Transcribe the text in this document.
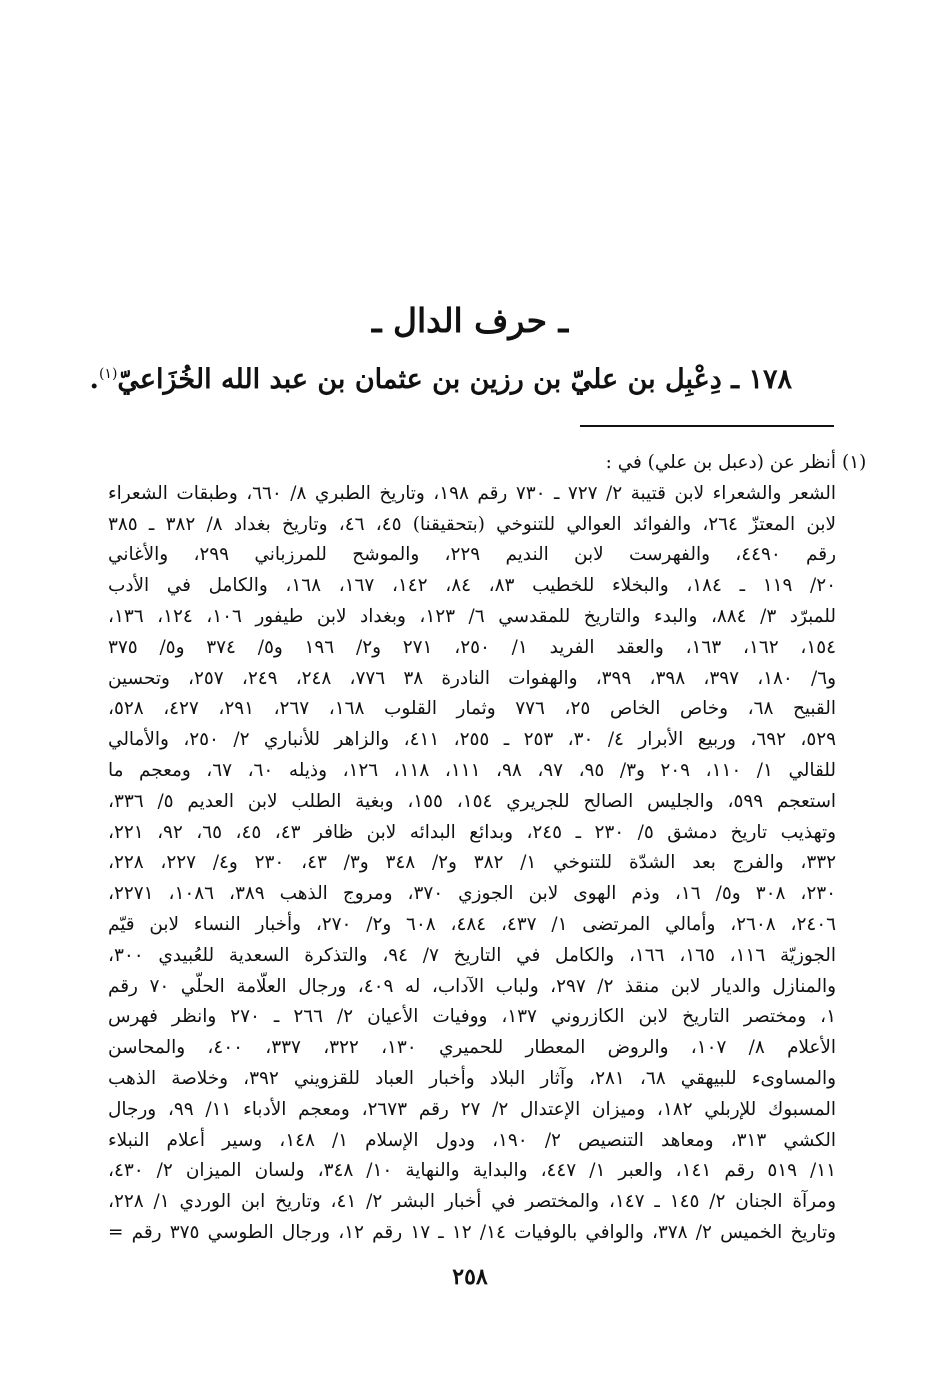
ـ حرف الدال ـ
١٧٨ ـ دِعْبِل بن عليّ بن رزين بن عثمان بن عبد الله الخُزَاعيّ$^{(١)}$.
(١)
أنظر عن (دعبل بن علي) في :
الشعر والشعراء لابن قتيبة ٢/ ٧٢٧ ـ ٧٣٠ رقم ١٩٨، وتاريخ الطبري ٨/ ٦٦٠، وطبقات الشعراء
لابن المعتزّ ٢٦٤، والفوائد العوالي للتنوخي (بتحقيقنا) ٤٥، ٤٦، وتاريخ بغداد ٨/ ٣٨٢ ـ ٣٨٥
رقم ٤٤٩٠، والفهرست لابن النديم ٢٢٩، والموشح للمرزباني ٢٩٩، والأغاني
٢٠/ ١١٩ ـ ١٨٤، والبخلاء للخطيب ٨٣، ٨٤، ١٤٢، ١٦٧، ١٦٨، والكامل في الأدب
للمبرّد ٣/ ٨٨٤، والبدء والتاريخ للمقدسي ٦/ ١٢٣، وبغداد لابن طيفور ١٠٦، ١٢٤، ١٣٦،
١٥٤، ١٦٢، ١٦٣، والعقد الفريد ١/ ٢٥٠، ٢٧١ و٢/ ١٩٦ و٥/ ٣٧٤ و٥/ ٣٧٥
و٦/ ١٨٠، ٣٩٧، ٣٩٨، ٣٩٩، والهفوات النادرة ٣٨ ٧٧٦، ٢٤٨، ٢٤٩، ٢٥٧، وتحسين
القبيح ٦٨، وخاص الخاص ٢٥، ٧٧٦ وثمار القلوب ١٦٨، ٢٦٧، ٢٩١، ٤٢٧، ٥٢٨،
٥٢٩، ٦٩٢، وربيع الأبرار ٤/ ٣٠، ٢٥٣ ـ ٢٥٥، ٤١١، والزاهر للأنباري ٢/ ٢٥٠، والأمالي
للقالي ١/ ١١٠، ٢٠٩ و٣/ ٩٥، ٩٧، ٩٨، ١١١، ١١٨، ١٢٦، وذيله ٦٠، ٦٧، ومعجم ما
استعجم ٥٩٩، والجليس الصالح للجريري ١٥٤، ١٥٥، وبغية الطلب لابن العديم ٥/ ٣٣٦،
وتهذيب تاريخ دمشق ٥/ ٢٣٠ ـ ٢٤٥، وبدائع البدائه لابن ظافر ٤٣، ٤٥، ٦٥، ٩٢، ٢٢١،
٣٣٢، والفرج بعد الشدّة للتنوخي ١/ ٣٨٢ و٢/ ٣٤٨ و٣/ ٤٣، ٢٣٠ و٤/ ٢٢٧، ٢٢٨،
٢٣٠، ٣٠٨ و٥/ ١٦، وذم الهوى لابن الجوزي ٣٧٠، ومروج الذهب ٣٨٩، ١٠٨٦، ٢٢٧١،
٢٤٠٦، ٢٦٠٨، وأمالي المرتضى ١/ ٤٣٧، ٤٨٤، ٦٠٨ و٢/ ٢٧٠، وأخبار النساء لابن قيّم
الجوزيّة ١١٦، ١٦٥، ١٦٦، والكامل في التاريخ ٧/ ٩٤، والتذكرة السعدية للعُبيدي ٣٠٠،
والمنازل والديار لابن منقذ ٢/ ٢٩٧، ولباب الآداب، له ٤٠٩، ورجال العلّامة الحلّي ٧٠ رقم
١، ومختصر التاريخ لابن الكازروني ١٣٧، ووفيات الأعيان ٢/ ٢٦٦ ـ ٢٧٠ وانظر فهرس
الأعلام ٨/ ١٠٧، والروض المعطار للحميري ١٣٠، ٣٢٢، ٣٣٧، ٤٠٠، والمحاسن
والمساوىء للبيهقي ٦٨، ٢٨١، وآثار البلاد وأخبار العباد للقزويني ٣٩٢، وخلاصة الذهب
المسبوك للإربلي ١٨٢، وميزان الإعتدال ٢/ ٢٧ رقم ٢٦٧٣، ومعجم الأدباء ١١/ ٩٩، ورجال
الكشي ٣١٣، ومعاهد التنصيص ٢/ ١٩٠، ودول الإسلام ١/ ١٤٨، وسير أعلام النبلاء
١١/ ٥١٩ رقم ١٤١، والعبر ١/ ٤٤٧، والبداية والنهاية ١٠/ ٣٤٨، ولسان الميزان ٢/ ٤٣٠،
ومرآة الجنان ٢/ ١٤٥ ـ ١٤٧، والمختصر في أخبار البشر ٢/ ٤١، وتاريخ ابن الوردي ١/ ٢٢٨،
وتاريخ الخميس ٢/ ٣٧٨، والوافي بالوفيات ١٤/ ١٢ ـ ١٧ رقم ١٢، ورجال الطوسي ٣٧٥ رقم =
٢٥٨
